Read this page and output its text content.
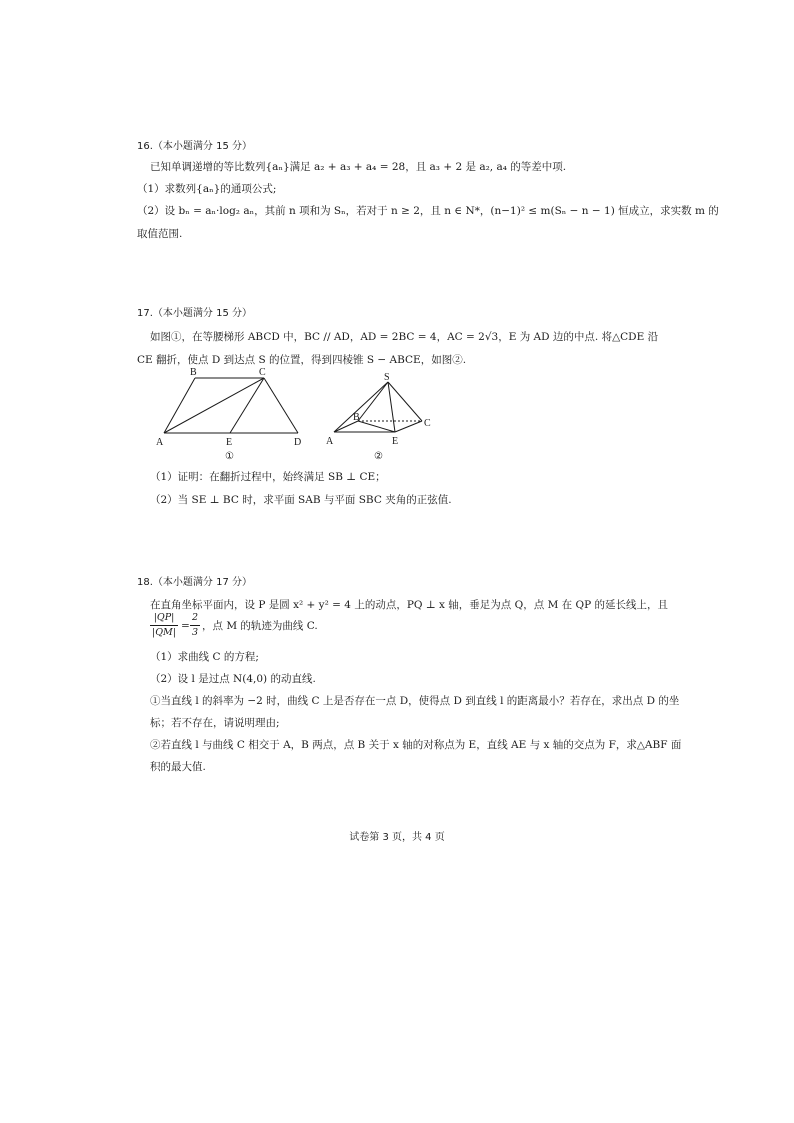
16.（本小题满分 15 分）
已知单调递增的等比数列{aₙ}满足 a₂ + a₃ + a₄ = 28，且 a₃ + 2 是 a₂, a₄ 的等差中项.
（1）求数列{aₙ}的通项公式;
（2）设 bₙ = aₙ·log₂ aₙ，其前 n 项和为 Sₙ，若对于 n ≥ 2，且 n ∈ N*，(n−1)² ≤ m(Sₙ − n − 1) 恒成立，求实数 m 的
取值范围.
17.（本小题满分 15 分）
如图①，在等腰梯形 ABCD 中，BC // AD，AD = 2BC = 4，AC = 2√3，E 为 AD 边的中点. 将△CDE 沿
CE 翻折，使点 D 到达点 S 的位置，得到四棱锥 S − ABCE，如图②.
B	C
A	E	D
①
S
B
C
A	E
②
（1）证明：在翻折过程中，始终满足 SB ⊥ CE；
（2）当 SE ⊥ BC 时，求平面 SAB 与平面 SBC 夹角的正弦值.
18.（本小题满分 17 分）
在直角坐标平面内，设 P 是圆 x² + y² = 4 上的动点，PQ ⊥ x 轴，垂足为点 Q，点 M 在 QP 的延长线上，且
|QP|
|QM|
=
2
3
，点 M 的轨迹为曲线 C.
（1）求曲线 C 的方程;
（2）设 l 是过点 N(4,0) 的动直线.
①当直线 l 的斜率为 −2 时，曲线 C 上是否存在一点 D，使得点 D 到直线 l 的距离最小？若存在，求出点 D 的坐
标；若不存在，请说明理由;
②若直线 l 与曲线 C 相交于 A，B 两点，点 B 关于 x 轴的对称点为 E，直线 AE 与 x 轴的交点为 F，求△ABF 面
积的最大值.
试卷第 3 页，共 4 页
